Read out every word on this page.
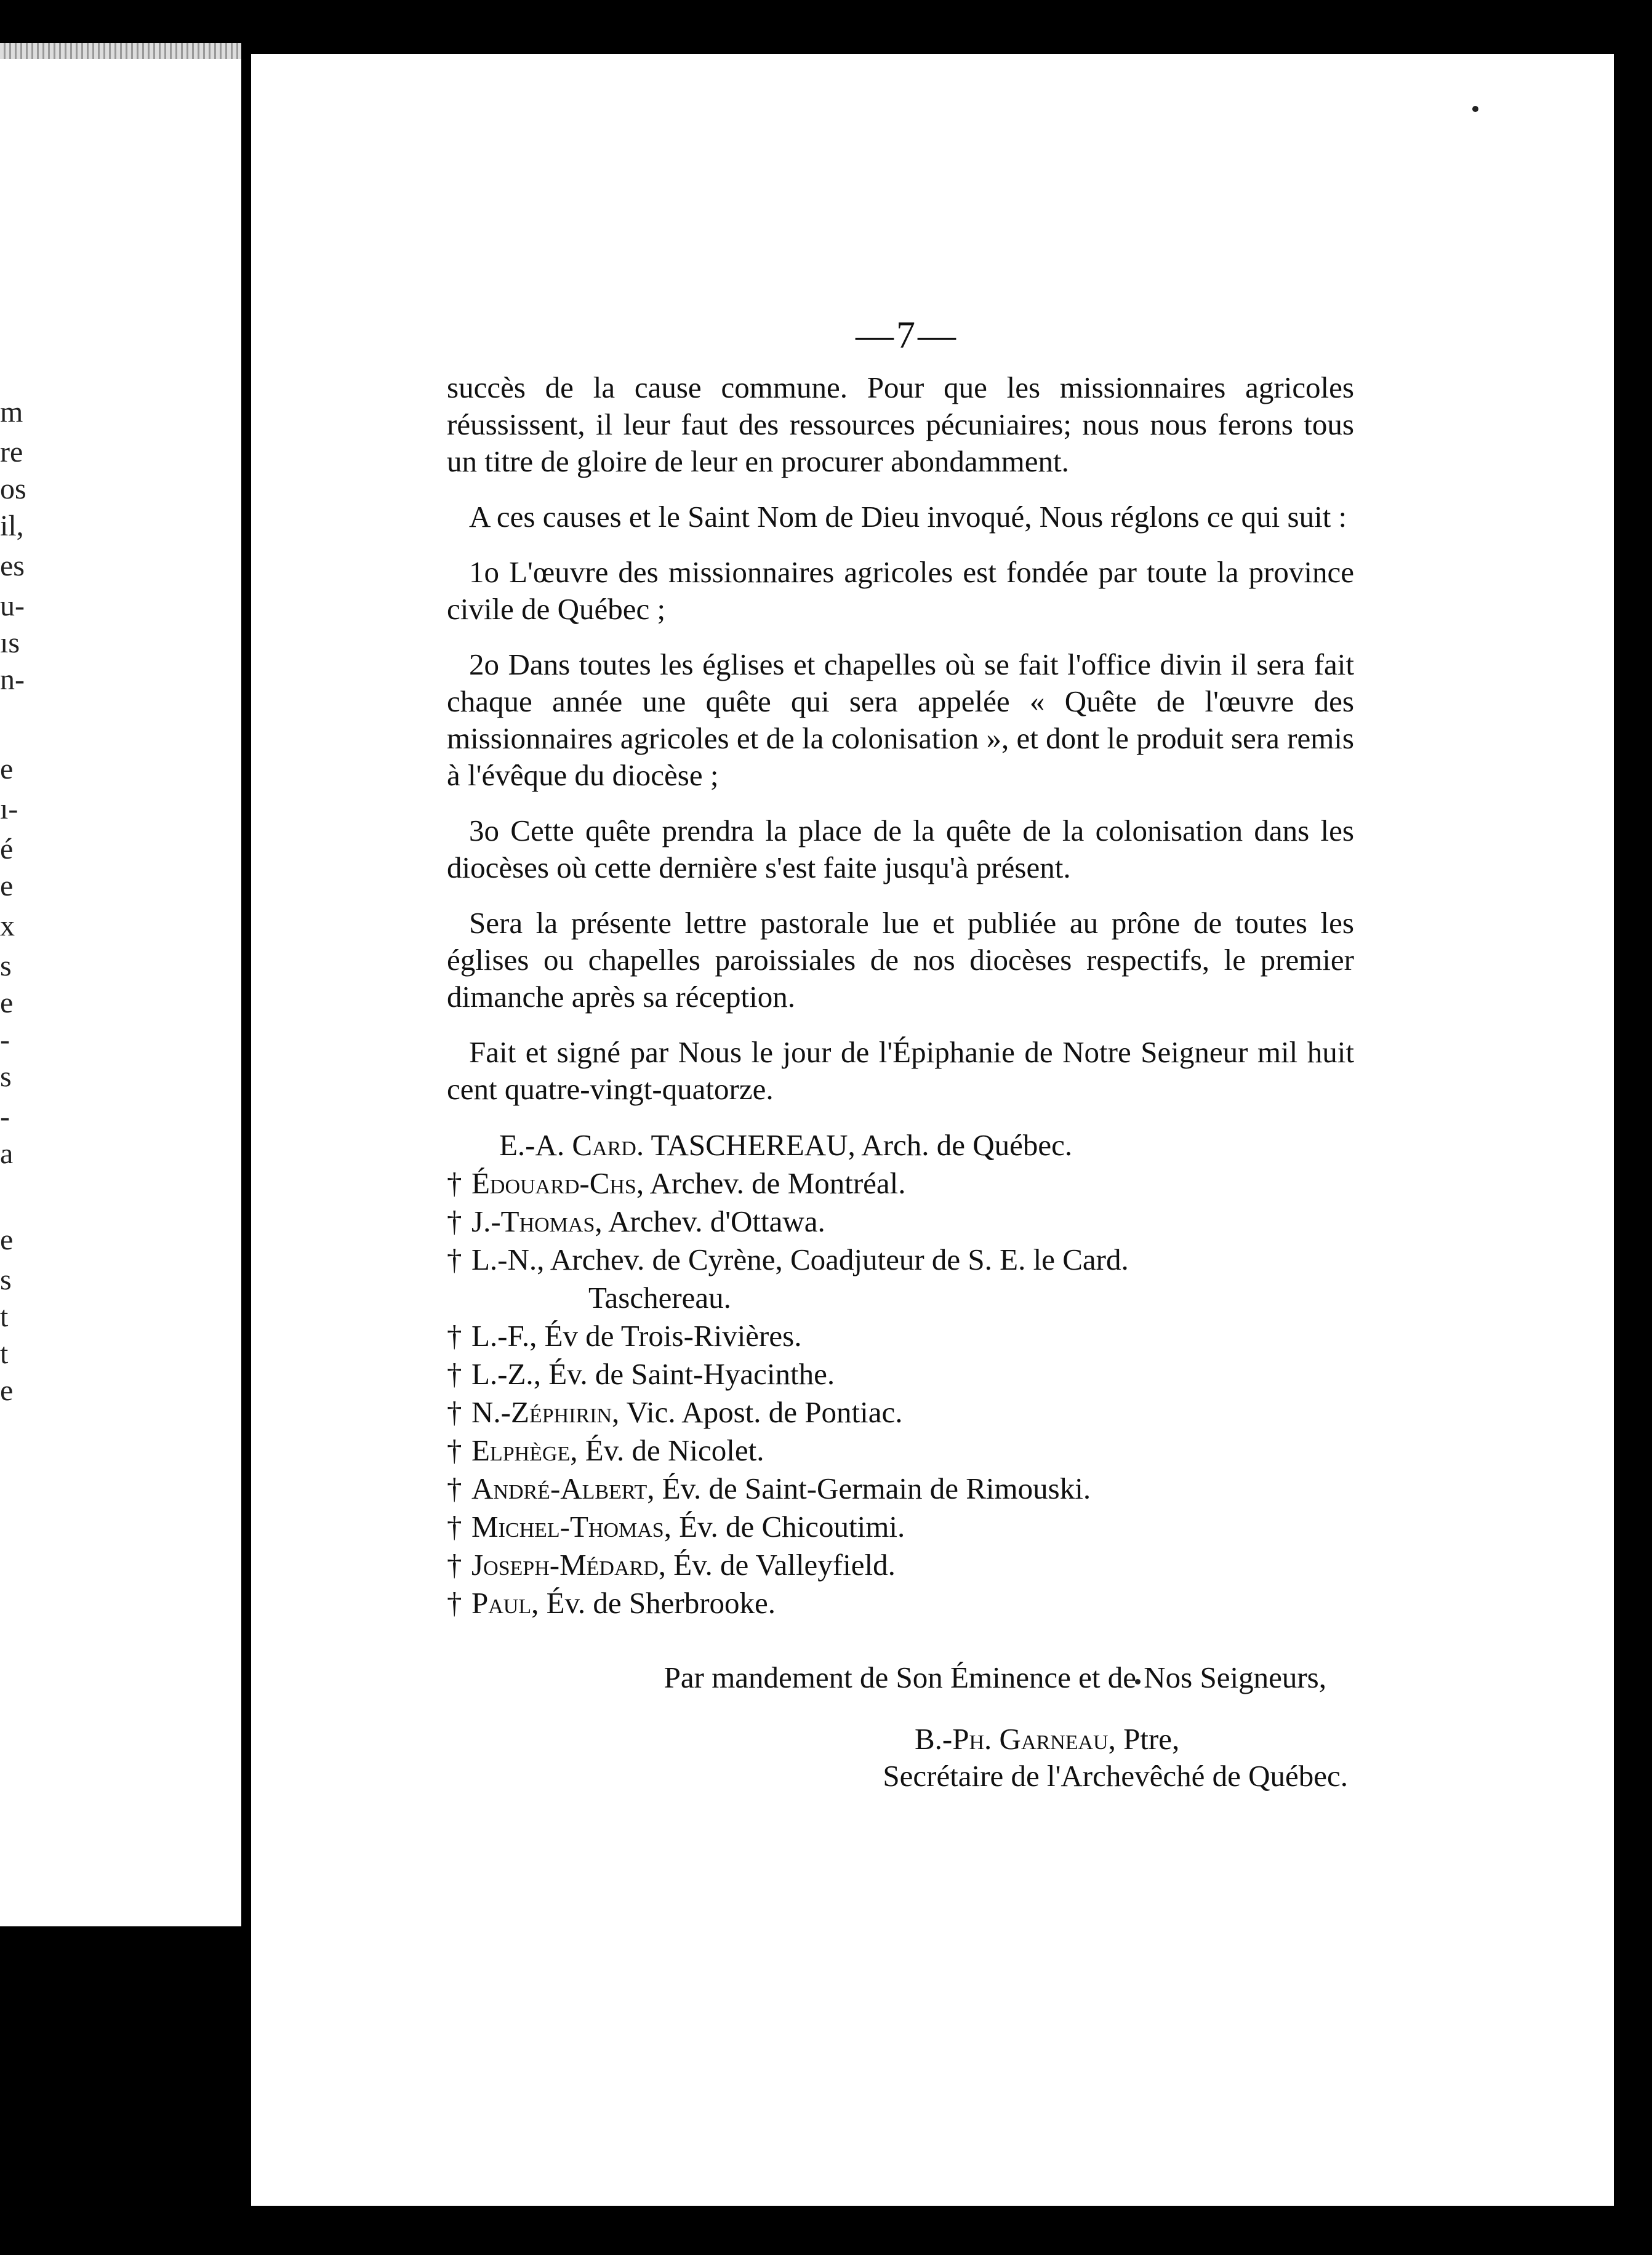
m
re
os
il,
es
u-
ıs
n-
e
ı-
é
e
x
s
e
-
s
-
a
e
s
t
t
e
—7—

succès de la cause commune. Pour que les missionnaires agricoles réussissent, il leur faut des ressources pécuniaires; nous nous ferons tous un titre de gloire de leur en procurer abondamment.

A ces causes et le Saint Nom de Dieu invoqué, Nous réglons ce qui suit :

1o L'œuvre des missionnaires agricoles est fondée par toute la province civile de Québec ;

2o Dans toutes les églises et chapelles où se fait l'office divin il sera fait chaque année une quête qui sera appelée « Quête de l'œuvre des missionnaires agricoles et de la colonisation », et dont le produit sera remis à l'évêque du diocèse ;

3o Cette quête prendra la place de la quête de la colonisation dans les diocèses où cette dernière s'est faite jusqu'à présent.

Sera la présente lettre pastorale lue et publiée au prône de toutes les églises ou chapelles paroissiales de nos diocèses respectifs, le premier dimanche après sa réception.

Fait et signé par Nous le jour de l'Épiphanie de Notre Seigneur mil huit cent quatre-vingt-quatorze.

E.-A. Card. TASCHEREAU, Arch. de Québec.
† Édouard-Chs, Archev. de Montréal.
† J.-Thomas, Archev. d'Ottawa.
† L.-N., Archev. de Cyrène, Coadjuteur de S. E. le Card.
Taschereau.
† L.-F., Év de Trois-Rivières.
† L.-Z., Év. de Saint-Hyacinthe.
† N.-Zéphirin, Vic. Apost. de Pontiac.
† Elphège, Év. de Nicolet.
† André-Albert, Év. de Saint-Germain de Rimouski.
† Michel-Thomas, Év. de Chicoutimi.
† Joseph-Médard, Év. de Valleyfield.
† Paul, Év. de Sherbrooke.
Par mandement de Son Éminence et de Nos Seigneurs,
B.-Ph. Garneau, Ptre,
Secrétaire de l'Archevêché de Québec.
